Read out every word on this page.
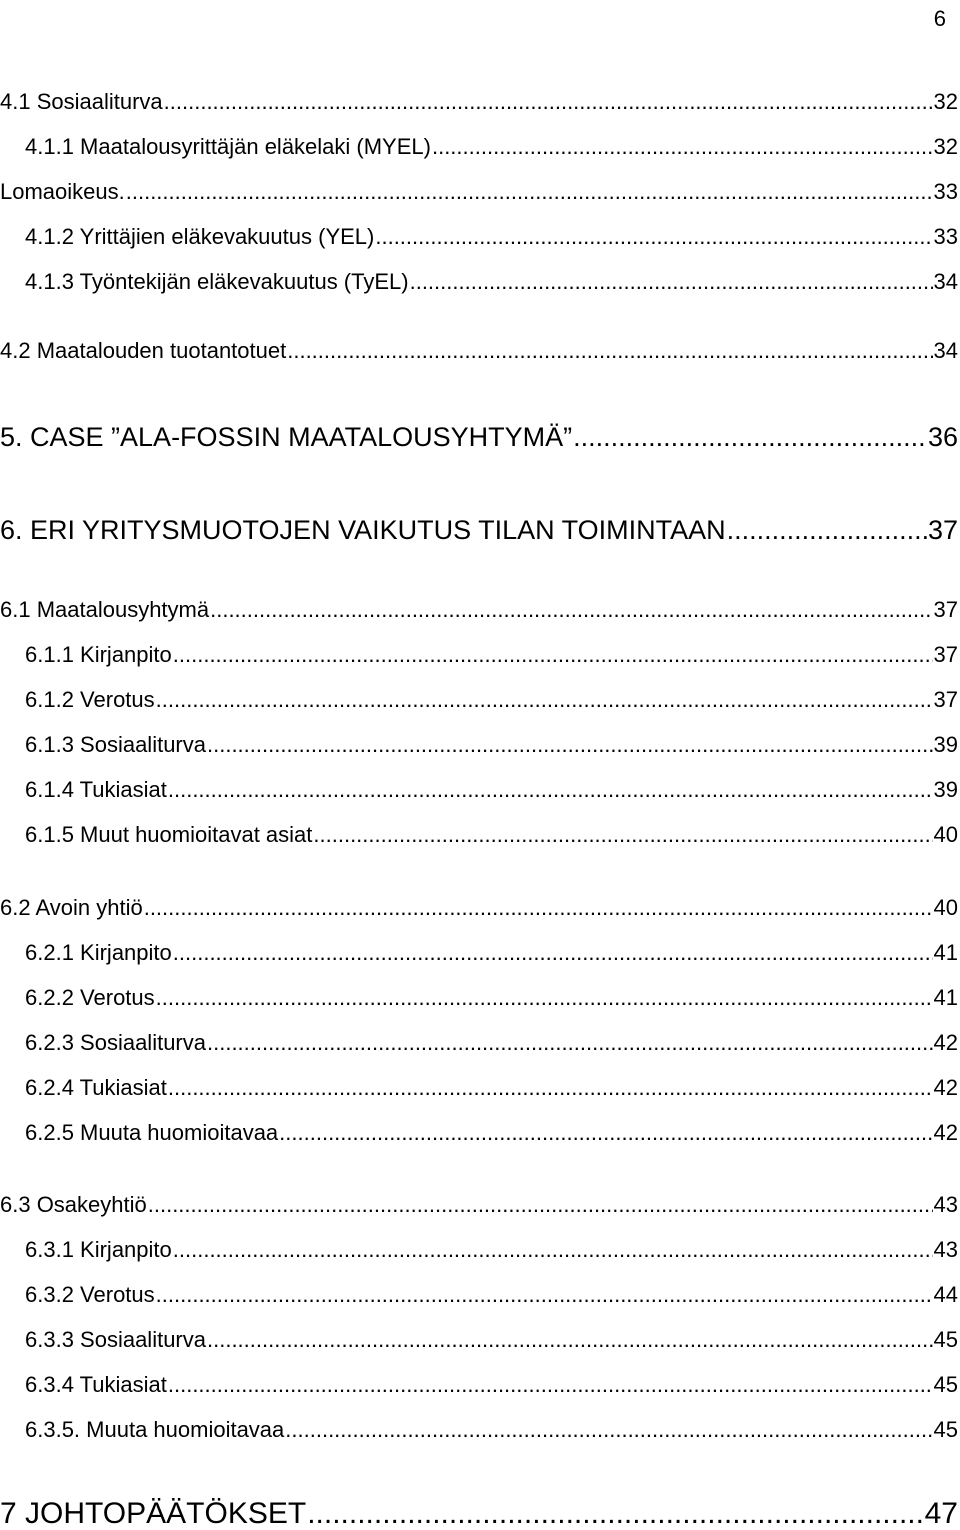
6
4.1 Sosiaaliturva .....	32
4.1.1 Maatalousyrittäjän eläkelaki (MYEL) .....	32
Lomaoikeus. .....	33
4.1.2 Yrittäjien eläkevakuutus (YEL) .....	33
4.1.3 Työntekijän eläkevakuutus (TyEL) .....	34
4.2 Maatalouden tuotantotuet .....	34
5. CASE ”ALA-FOSSIN MAATALOUSYHTYMÄ” .....	36
6. ERI YRITYSMUOTOJEN VAIKUTUS TILAN TOIMINTAAN .....	37
6.1 Maatalousyhtymä .....	37
6.1.1 Kirjanpito .....	37
6.1.2 Verotus .....	37
6.1.3 Sosiaaliturva .....	39
6.1.4 Tukiasiat .....	39
6.1.5 Muut huomioitavat asiat .....	40
6.2 Avoin yhtiö .....	40
6.2.1 Kirjanpito .....	41
6.2.2 Verotus .....	41
6.2.3 Sosiaaliturva .....	42
6.2.4 Tukiasiat .....	42
6.2.5 Muuta huomioitavaa .....	42
6.3 Osakeyhtiö .....	43
6.3.1 Kirjanpito .....	43
6.3.2 Verotus .....	44
6.3.3 Sosiaaliturva .....	45
6.3.4 Tukiasiat .....	45
6.3.5. Muuta huomioitavaa .....	45
7 JOHTOPÄÄTÖKSET .....	47
